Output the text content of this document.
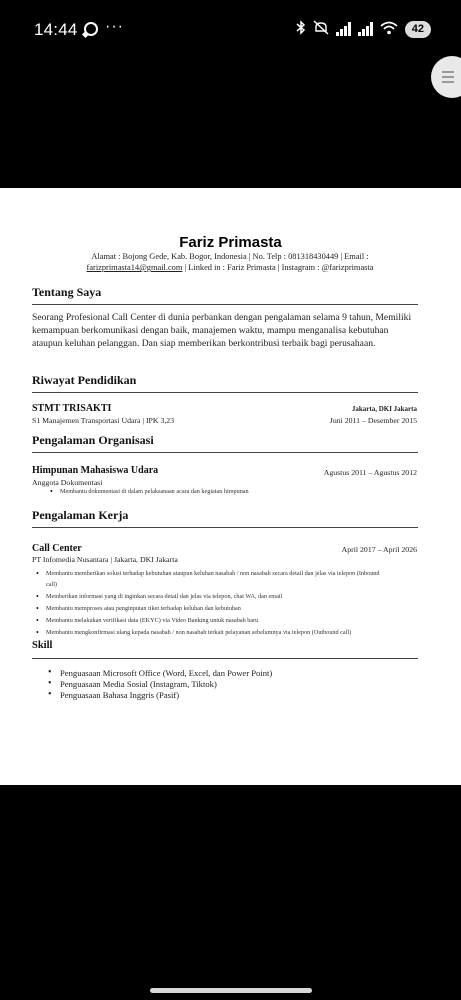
14:44 ···	42
Fariz Primasta
Alamat : Bojong Gede, Kab. Bogor, Indonesia | No. Telp : 081318430449 | Email :
farizprimasta14@gmail.com | Linked in : Fariz Primasta | Instagram : @farizprimasta
Tentang Saya
Seorang Profesional Call Center di dunia perbankan dengan pengalaman selama 9 tahun, Memiliki kemampuan berkomunikasi dengan baik, manajemen waktu, mampu menganalisa kebutuhan ataupun keluhan pelanggan. Dan siap memberikan berkontribusi terbaik bagi perusahaan.
Riwayat Pendidikan
STMT TRISAKTI	Jakarta, DKI Jakarta
S1 Manajemen Transportasi Udara | IPK 3,23	Juni 2011 – Desember 2015
Pengalaman Organisasi
Himpunan Mahasiswa Udara	Agustus 2011 – Agustus 2012
Anggota Dokumentasi
• Membantu dokumentasi di dalam pelaksanaan acara dan kegiatan himpunan
Pengalaman Kerja
Call Center	April 2017 – April 2026
PT Infomedia Nusantara | Jakarta, DKI Jakarta
• Membantu memberikan solusi terhadap kebutuhan ataupun keluhan nasabah / non nasabah secara detail dan jelas via telepon (Inbound
call)
• Memberikan informasi yang di inginkan secara detail dan jelas via telepon, chat WA, dan email
• Membantu memproses atau penginputan tiket terhadap keluhan dan kebutuhan
• Membantu melakukan verifikasi data (EKYC) via Video Banking untuk nasabah baru
• Membantu mengkonfirmasi ulang kepada nasabah / non nasabah terkait pelayanan sebelumnya via telepon (Outbound call)
Skill
• Penguasaan Microsoft Office (Word, Excel, dan Power Point)
• Penguasaan Media Sosial (Instagram, Tiktok)
• Penguasaan Bahasa Inggris (Pasif)
